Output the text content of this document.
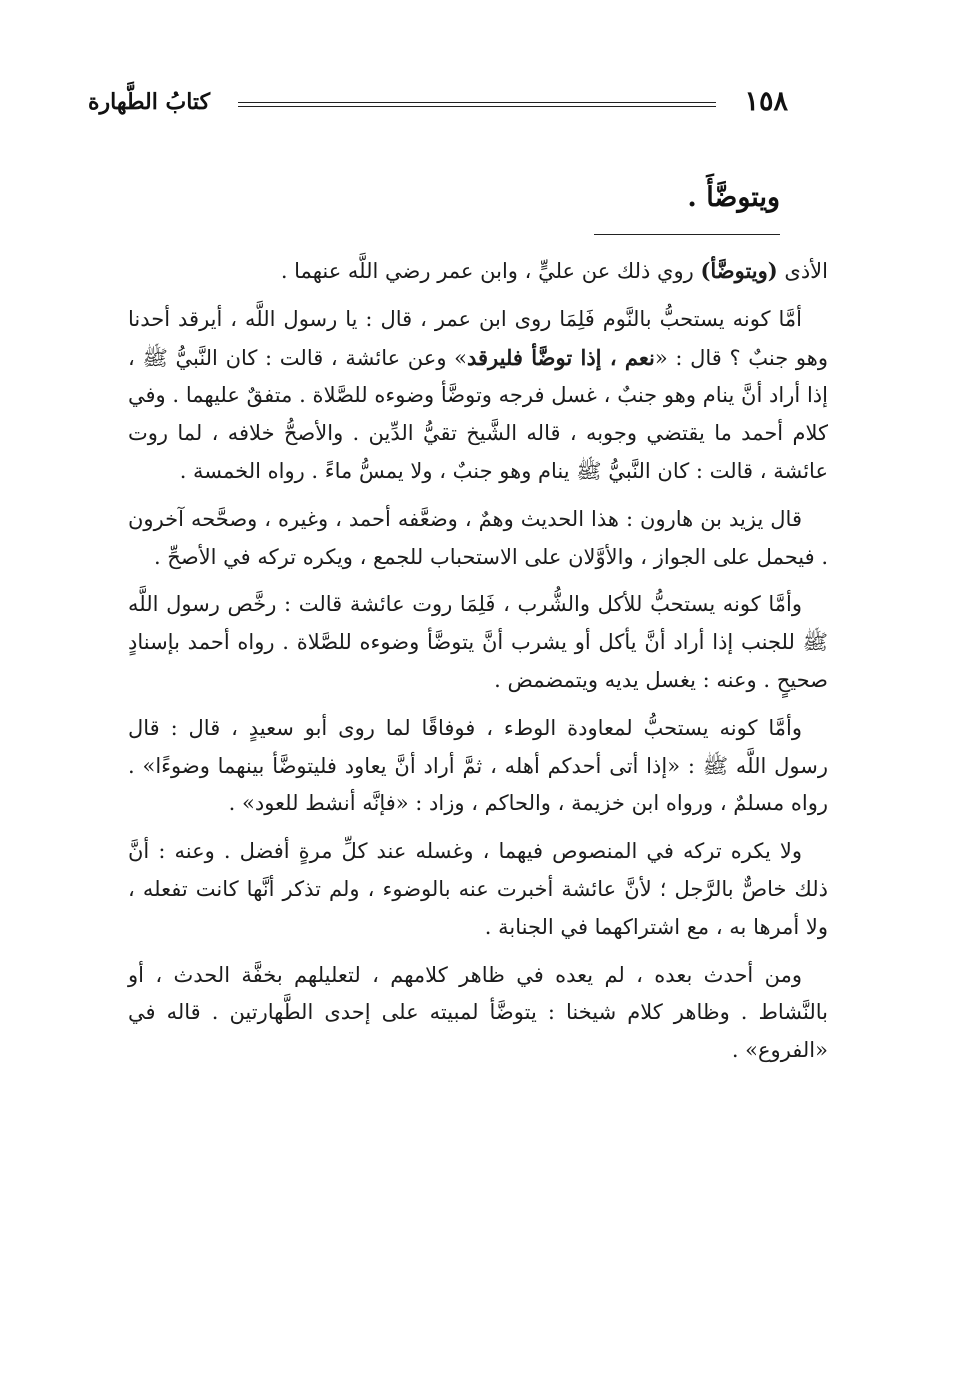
١٥٨
كتابُ الطَّهارة
ويتوضَّأَ .

الأذى (ويتوضَّأ) روي ذلك عن عليٍّ ، وابن عمر رضي اللَّه عنهما .

أمَّا كونه يستحبُّ بالنَّوم فَلِمَا روى ابن عمر ، قال : يا رسول اللَّه ، أيرقد أحدنا وهو جنبٌ ؟ قال : «نعم ، إذا توضَّأ فليرقد» وعن عائشة ، قالت : كان النَّبيُّ ﷺ ، إذا أراد أنَّ ينام وهو جنبٌ ، غسل فرجه وتوضَّأ وضوءه للصَّلاة . متفقٌ عليهما . وفي كلام أحمد ما يقتضي وجوبه ، قاله الشَّيخ تقيُّ الدِّين . والأصحُّ خلافه ، لما روت عائشة ، قالت : كان النَّبيُّ ﷺ ينام وهو جنبٌ ، ولا يمسُّ ماءً . رواه الخمسة .

قال يزيد بن هارون : هذا الحديث وهمٌ ، وضعَّفه أحمد ، وغيره ، وصحَّحه آخرون . فيحمل على الجواز ، والأوَّلان على الاستحباب للجمع ، ويكره تركه في الأصحِّ .

وأمَّا كونه يستحبُّ للأكل والشُّرب ، فَلِمَا روت عائشة قالت : رخَّص رسول اللَّه ﷺ للجنب إذا أراد أنَّ يأكل أو يشرب أنَّ يتوضَّأ وضوءه للصَّلاة . رواه أحمد بإسنادٍ صحيحٍ . وعنه : يغسل يديه ويتمضمض .

وأمَّا كونه يستحبُّ لمعاودة الوطء ، فوفاقًا لما روى أبو سعيدٍ ، قال : قال رسول اللَّه ﷺ : «إذا أتى أحدكم أهله ، ثمَّ أراد أنَّ يعاود فليتوضَّأ بينهما وضوءًا» . رواه مسلمٌ ، ورواه ابن خزيمة ، والحاكم ، وزاد : «فإنَّه أنشط للعود» .

ولا يكره تركه في المنصوص فيهما ، وغسله عند كلِّ مرةٍ أفضل . وعنه : أنَّ ذلك خاصٌّ بالرَّجل ؛ لأنَّ عائشة أخبرت عنه بالوضوء ، ولم تذكر أنَّها كانت تفعله ، ولا أمرها به ، مع اشتراكهما في الجنابة .

ومن أحدث بعده ، لم يعده في ظاهر كلامهم ، لتعليلهم بخفَّة الحدث ، أو بالنَّشاط . وظاهر كلام شيخنا : يتوضَّأ لمبيته على إحدى الطَّهارتين . قاله في «الفروع» .
